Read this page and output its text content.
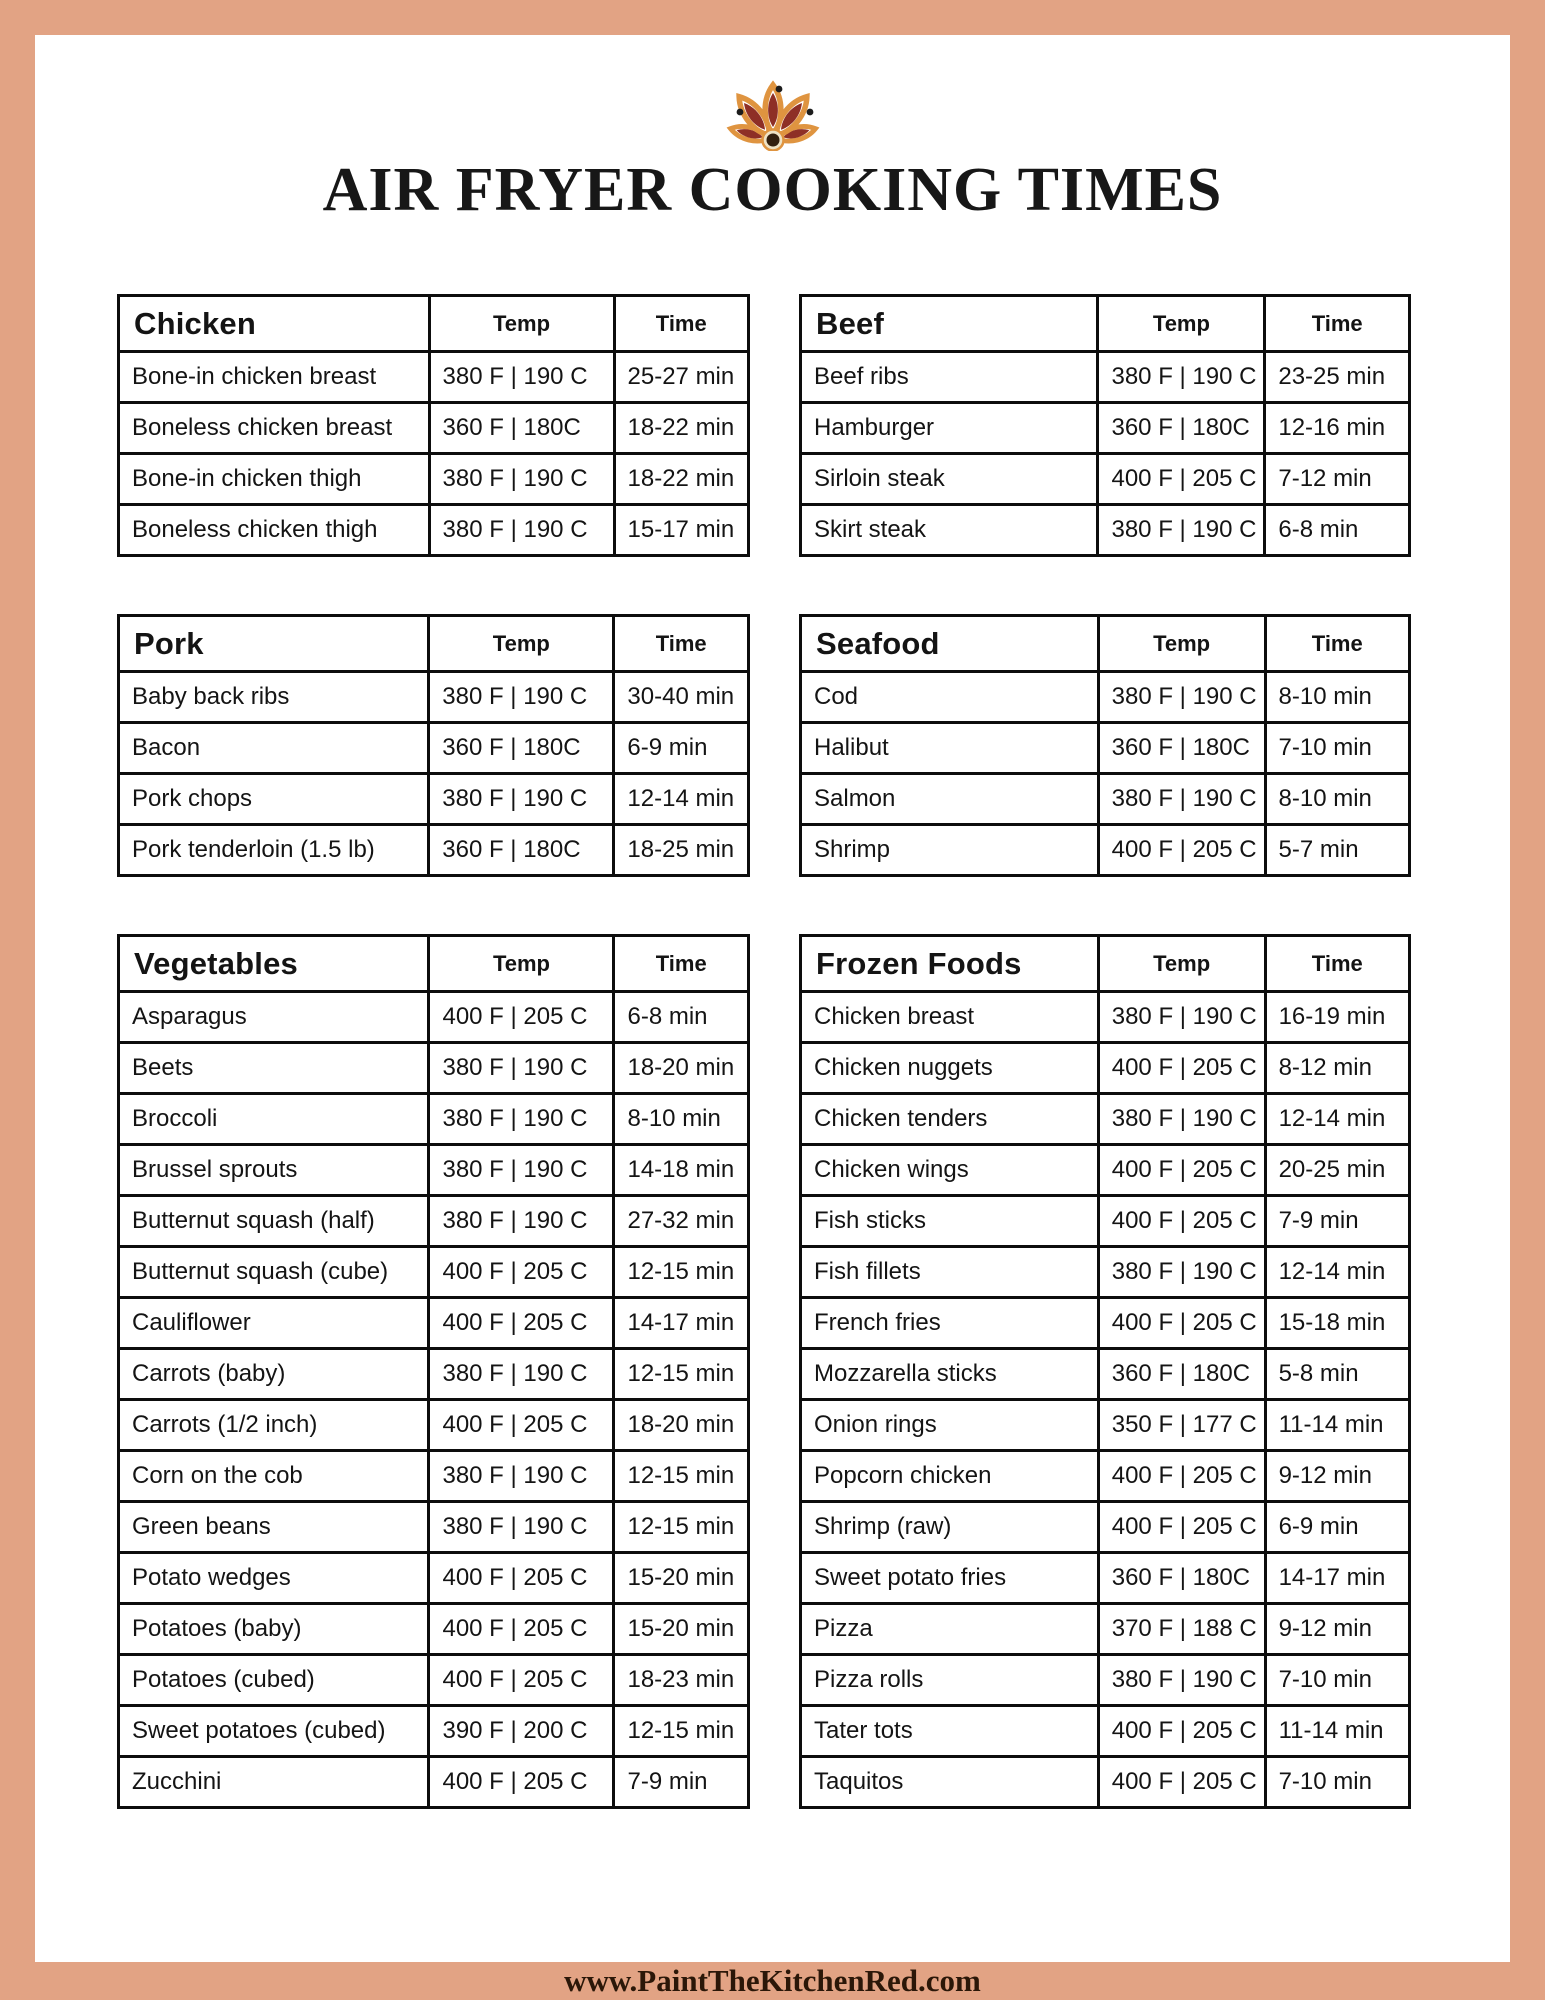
AIR FRYER COOKING TIMES
Chicken	Temp	Time
Bone-in chicken breast	380 F | 190 C	25-27 min
Boneless chicken breast	360 F | 180C	18-22 min
Bone-in chicken thigh	380 F | 190 C	18-22 min
Boneless chicken thigh	380 F | 190 C	15-17 min
Beef	Temp	Time
Beef ribs	380 F | 190 C	23-25 min
Hamburger	360 F | 180C	12-16 min
Sirloin steak	400 F | 205 C	7-12 min
Skirt steak	380 F | 190 C	6-8 min
Pork	Temp	Time
Baby back ribs	380 F | 190 C	30-40 min
Bacon	360 F | 180C	6-9 min
Pork chops	380 F | 190 C	12-14 min
Pork tenderloin (1.5 lb)	360 F | 180C	18-25 min
Seafood	Temp	Time
Cod	380 F | 190 C	8-10 min
Halibut	360 F | 180C	7-10 min
Salmon	380 F | 190 C	8-10 min
Shrimp	400 F | 205 C	5-7 min
Vegetables	Temp	Time
Asparagus	400 F | 205 C	6-8 min
Beets	380 F | 190 C	18-20 min
Broccoli	380 F | 190 C	8-10 min
Brussel sprouts	380 F | 190 C	14-18 min
Butternut squash (half)	380 F | 190 C	27-32 min
Butternut squash (cube)	400 F | 205 C	12-15 min
Cauliflower	400 F | 205 C	14-17 min
Carrots (baby)	380 F | 190 C	12-15 min
Carrots (1/2 inch)	400 F | 205 C	18-20 min
Corn on the cob	380 F | 190 C	12-15 min
Green beans	380 F | 190 C	12-15 min
Potato wedges	400 F | 205 C	15-20 min
Potatoes (baby)	400 F | 205 C	15-20 min
Potatoes (cubed)	400 F | 205 C	18-23 min
Sweet potatoes (cubed)	390 F | 200 C	12-15 min
Zucchini	400 F | 205 C	7-9 min
Frozen Foods	Temp	Time
Chicken breast	380 F | 190 C	16-19 min
Chicken nuggets	400 F | 205 C	8-12 min
Chicken tenders	380 F | 190 C	12-14 min
Chicken wings	400 F | 205 C	20-25 min
Fish sticks	400 F | 205 C	7-9 min
Fish fillets	380 F | 190 C	12-14 min
French fries	400 F | 205 C	15-18 min
Mozzarella sticks	360 F | 180C	5-8 min
Onion rings	350 F | 177 C	11-14 min
Popcorn chicken	400 F | 205 C	9-12 min
Shrimp (raw)	400 F | 205 C	6-9 min
Sweet potato fries	360 F | 180C	14-17 min
Pizza	370 F | 188 C	9-12 min
Pizza rolls	380 F | 190 C	7-10 min
Tater tots	400 F | 205 C	11-14 min
Taquitos	400 F | 205 C	7-10 min
www.PaintTheKitchenRed.com
